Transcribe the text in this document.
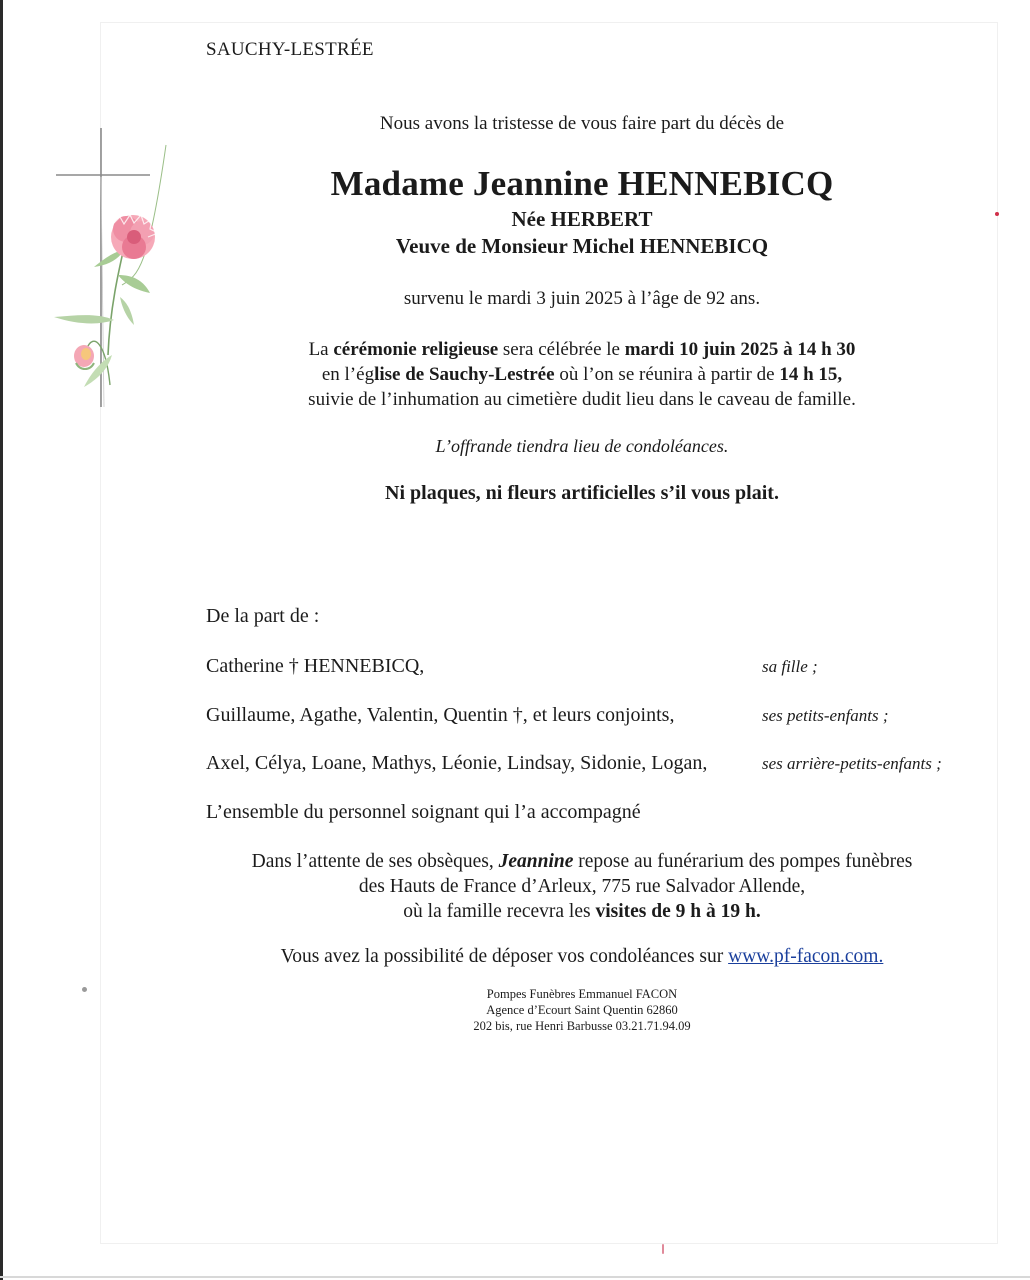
SAUCHY-LESTRÉE
Nous avons la tristesse de vous faire part du décès de
Madame Jeannine HENNEBICQ
Née HERBERT
Veuve de Monsieur Michel HENNEBICQ
survenu le mardi 3 juin 2025 à l’âge de 92 ans.
La cérémonie religieuse sera célébrée le mardi 10 juin 2025 à 14 h 30
en l’église de Sauchy-Lestrée où l’on se réunira à partir de 14 h 15,
suivie de l’inhumation au cimetière dudit lieu dans le caveau de famille.
L’offrande tiendra lieu de condoléances.
Ni plaques, ni fleurs artificielles s’il vous plait.
De la part de :
Catherine † HENNEBICQ,	sa fille ;
Guillaume, Agathe, Valentin, Quentin †, et leurs conjoints,	ses petits-enfants ;
Axel, Célya, Loane, Mathys, Léonie, Lindsay, Sidonie, Logan,	ses arrière-petits-enfants ;
L’ensemble du personnel soignant qui l’a accompagné
Dans l’attente de ses obsèques, Jeannine repose au funérarium des pompes funèbres
des Hauts de France d’Arleux, 775 rue Salvador Allende,
où la famille recevra les visites de 9 h à 19 h.
Vous avez la possibilité de déposer vos condoléances sur www.pf-facon.com.
Pompes Funèbres Emmanuel FACON
Agence d’Ecourt Saint Quentin 62860
202 bis, rue Henri Barbusse 03.21.71.94.09
